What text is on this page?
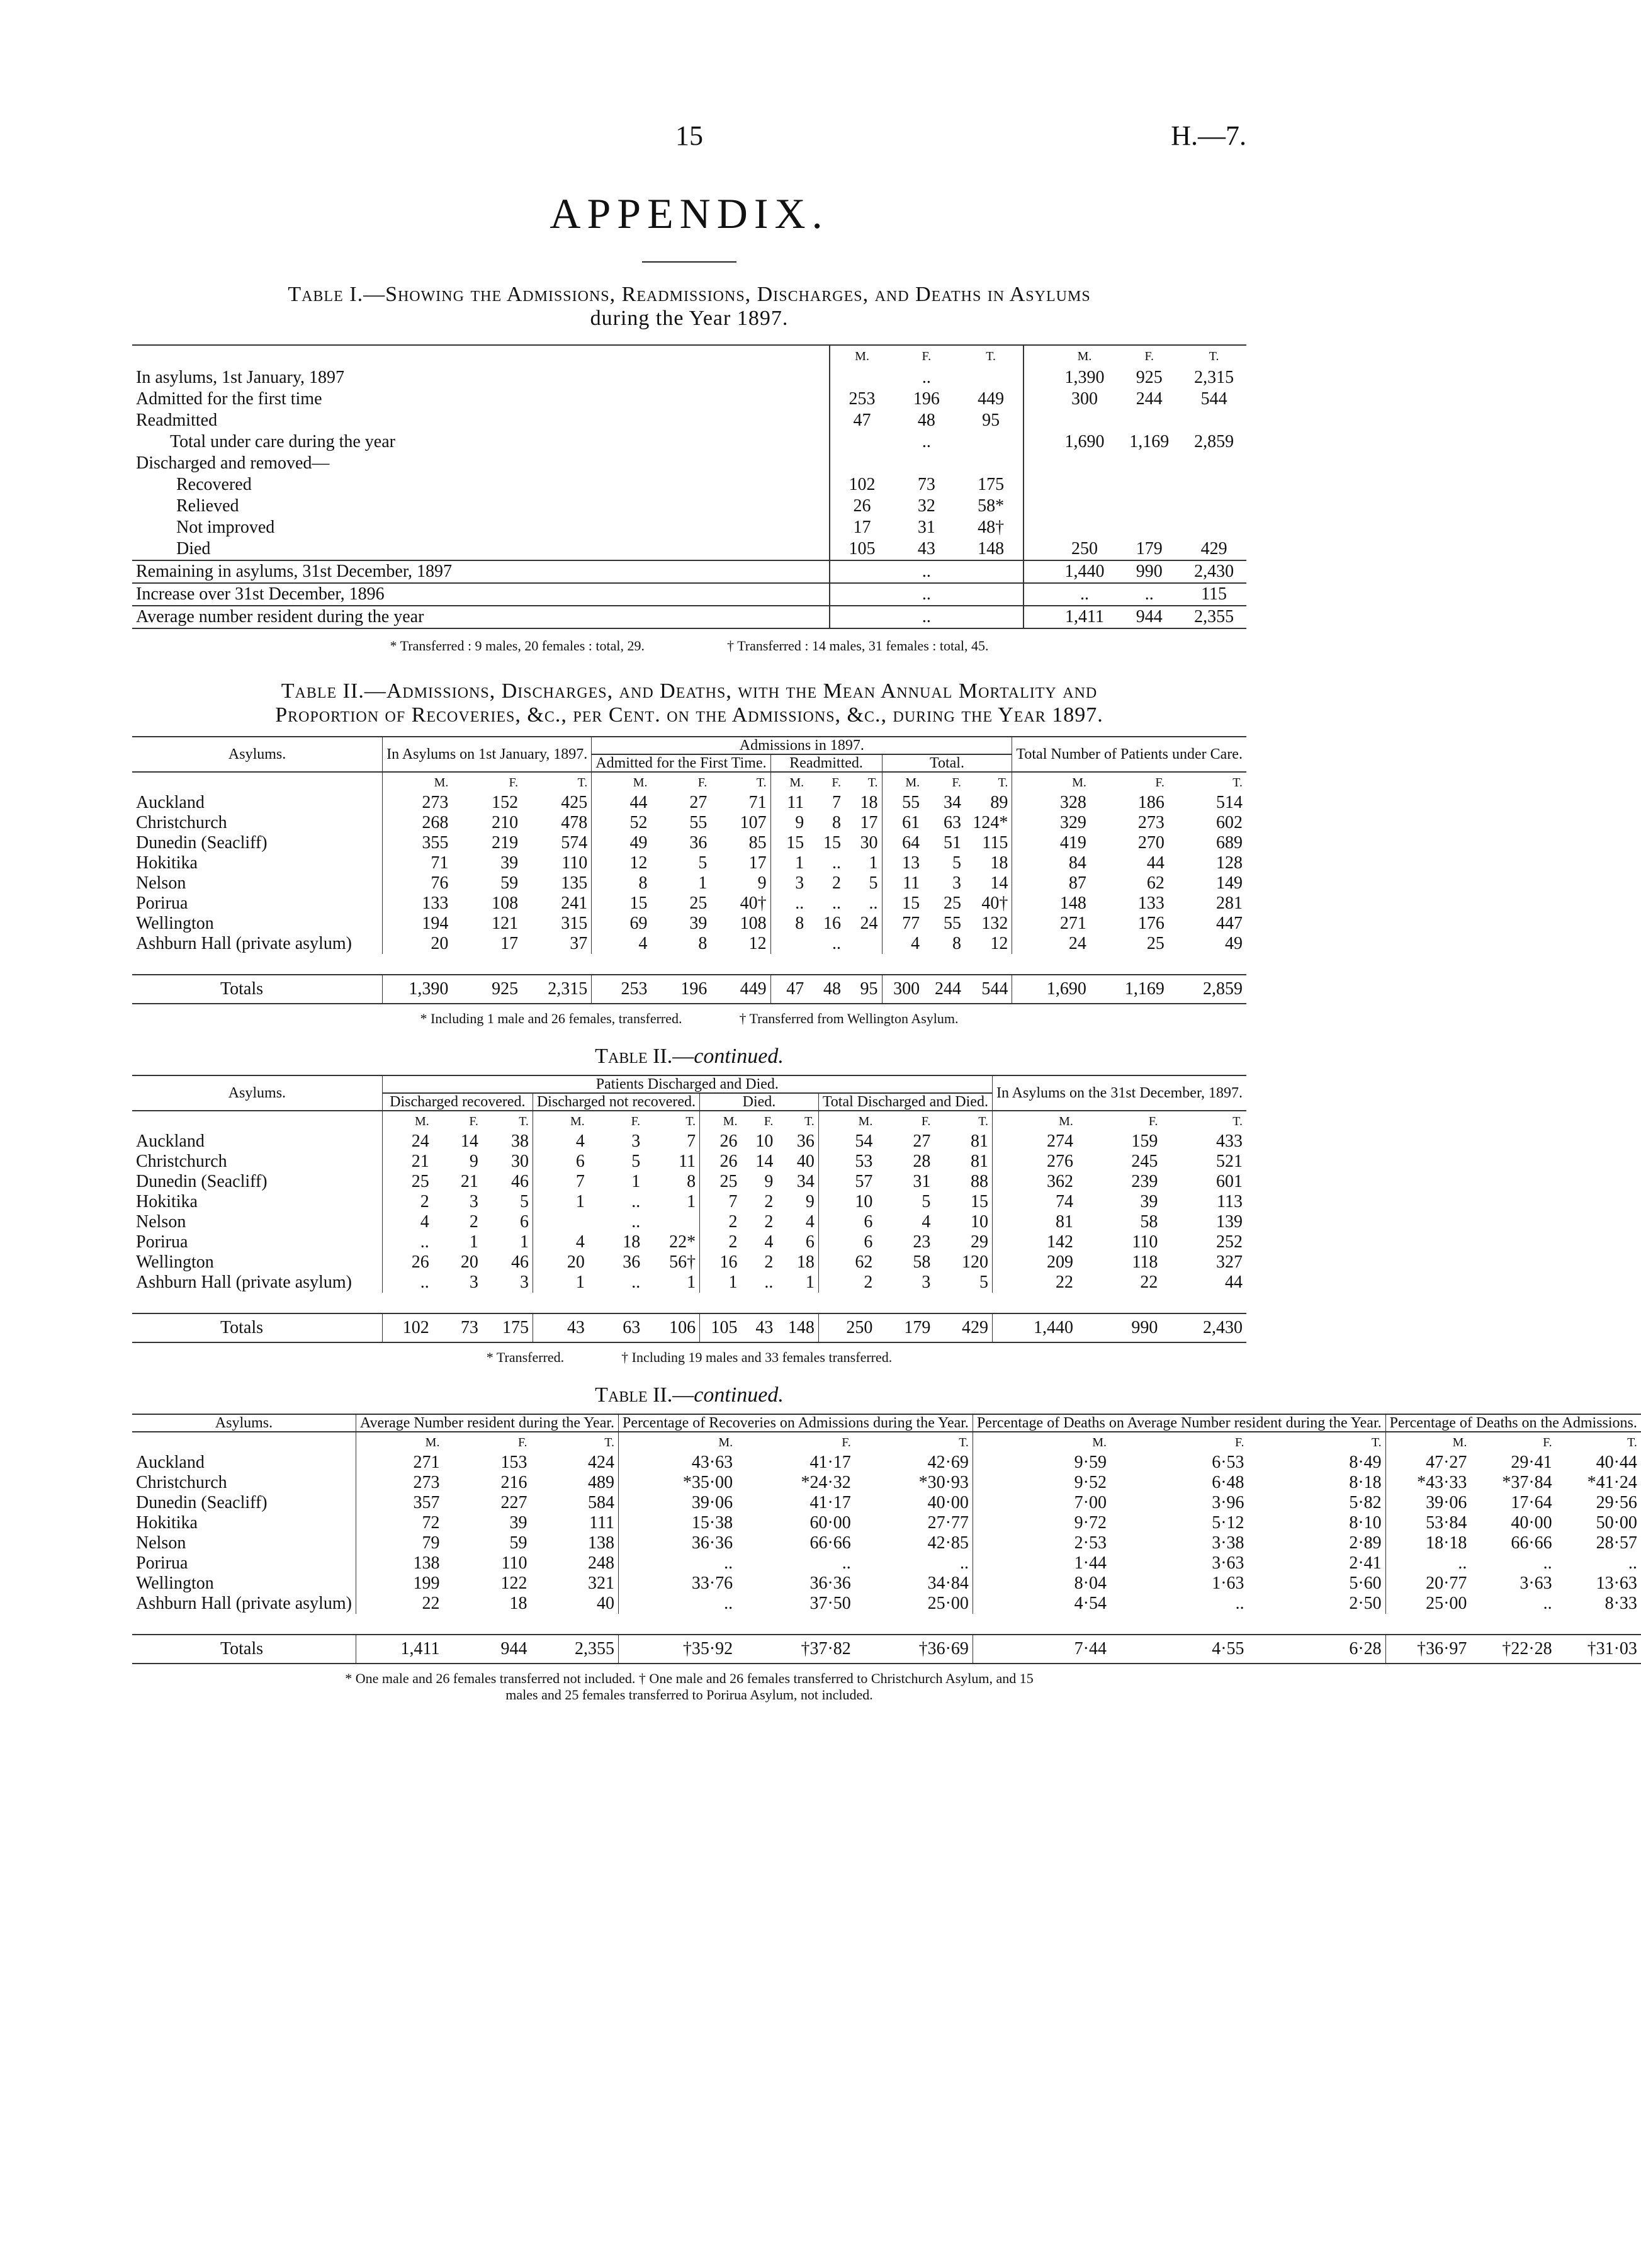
15	H.—7.
APPENDIX.
Table I.—Showing the Admissions, Readmissions, Discharges, and Deaths in Asylums
during the Year 1897.
	M.	F.	T.		M.	F.	T.
In asylums, 1st January, 1897		..			1,390	925	2,315
Admitted for the first time	253	196	449		300	244	544
Readmitted	47	48	95				
Total under care during the year		..			1,690	1,169	2,859
Discharged and removed—							
Recovered	102	73	175				
Relieved	26	32	58*				
Not improved	17	31	48†				
Died	105	43	148		250	179	429
Remaining in asylums, 31st December, 1897		..			1,440	990	2,430
Increase over 31st December, 1896		..			..	..	115
Average number resident during the year		..			1,411	944	2,355

* Transferred : 9 males, 20 females : total, 29.	† Transferred : 14 males, 31 females : total, 45.
Table II.—Admissions, Discharges, and Deaths, with the Mean Annual Mortality and
Proportion of Recoveries, &c., per Cent. on the Admissions, &c., during the Year 1897.
Asylums.	In Asylums on 1st January, 1897.			Admissions in 1897.									Total Number of Patients under Care.		
				Admitted for the First Time.			Readmitted.			Total.					
	M.	F.	T.	M.	F.	T.	M.	F.	T.	M.	F.	T.	M.	F.	T.
Auckland	273	152	425	44	27	71	11	7	18	55	34	89	328	186	514
Christchurch	268	210	478	52	55	107	9	8	17	61	63	124*	329	273	602
Dunedin (Seacliff)	355	219	574	49	36	85	15	15	30	64	51	115	419	270	689
Hokitika	71	39	110	12	5	17	1	..	1	13	5	18	84	44	128
Nelson	76	59	135	8	1	9	3	2	5	11	3	14	87	62	149
Porirua	133	108	241	15	25	40†	..	..	..	15	25	40†	148	133	281
Wellington	194	121	315	69	39	108	8	16	24	77	55	132	271	176	447
Ashburn Hall (private asylum)	20	17	37	4	8	12		..		4	8	12	24	25	49

Totals	1,390	925	2,315	253	196	449	47	48	95	300	244	544	1,690	1,169	2,859
* Including 1 male and 26 females, transferred.	† Transferred from Wellington Asylum.
Table II.—continued.
Asylums.	Patients Discharged and Died.												In Asylums on the 31st December, 1897.		
	Discharged recovered.			Discharged not recovered.			Died.			Total Discharged and Died.					
	M.	F.	T.	M.	F.	T.	M.	F.	T.	M.	F.	T.	M.	F.	T.
Auckland	24	14	38	4	3	7	26	10	36	54	27	81	274	159	433
Christchurch	21	9	30	6	5	11	26	14	40	53	28	81	276	245	521
Dunedin (Seacliff)	25	21	46	7	1	8	25	9	34	57	31	88	362	239	601
Hokitika	2	3	5	1	..	1	7	2	9	10	5	15	74	39	113
Nelson	4	2	6		..		2	2	4	6	4	10	81	58	139
Porirua	..	1	1	4	18	22*	2	4	6	6	23	29	142	110	252
Wellington	26	20	46	20	36	56†	16	2	18	62	58	120	209	118	327
Ashburn Hall (private asylum)	..	3	3	1	..	1	1	..	1	2	3	5	22	22	44

Totals	102	73	175	43	63	106	105	43	148	250	179	429	1,440	990	2,430
* Transferred.	† Including 19 males and 33 females transferred.
Table II.—continued.
Asylums.	Average Number resident during the Year.			Percentage of Recoveries on Admissions during the Year.			Percentage of Deaths on Average Number resident during the Year.			Percentage of Deaths on the Admissions.		
	M.	F.	T.	M.	F.	T.	M.	F.	T.	M.	F.	T.
Auckland	271	153	424	43·63	41·17	42·69	9·59	6·53	8·49	47·27	29·41	40·44
Christchurch	273	216	489	*35·00	*24·32	*30·93	9·52	6·48	8·18	*43·33	*37·84	*41·24
Dunedin (Seacliff)	357	227	584	39·06	41·17	40·00	7·00	3·96	5·82	39·06	17·64	29·56
Hokitika	72	39	111	15·38	60·00	27·77	9·72	5·12	8·10	53·84	40·00	50·00
Nelson	79	59	138	36·36	66·66	42·85	2·53	3·38	2·89	18·18	66·66	28·57
Porirua	138	110	248	..	..	..	1·44	3·63	2·41	..	..	..
Wellington	199	122	321	33·76	36·36	34·84	8·04	1·63	5·60	20·77	3·63	13·63
Ashburn Hall (private asylum)	22	18	40	..	37·50	25·00	4·54	..	2·50	25·00	..	8·33

Totals	1,411	944	2,355	†35·92	†37·82	†36·69	7·44	4·55	6·28	†36·97	†22·28	†31·03
* One male and 26 females transferred not included. † One male and 26 females transferred to Christchurch Asylum, and 15
males and 25 females transferred to Porirua Asylum, not included.
